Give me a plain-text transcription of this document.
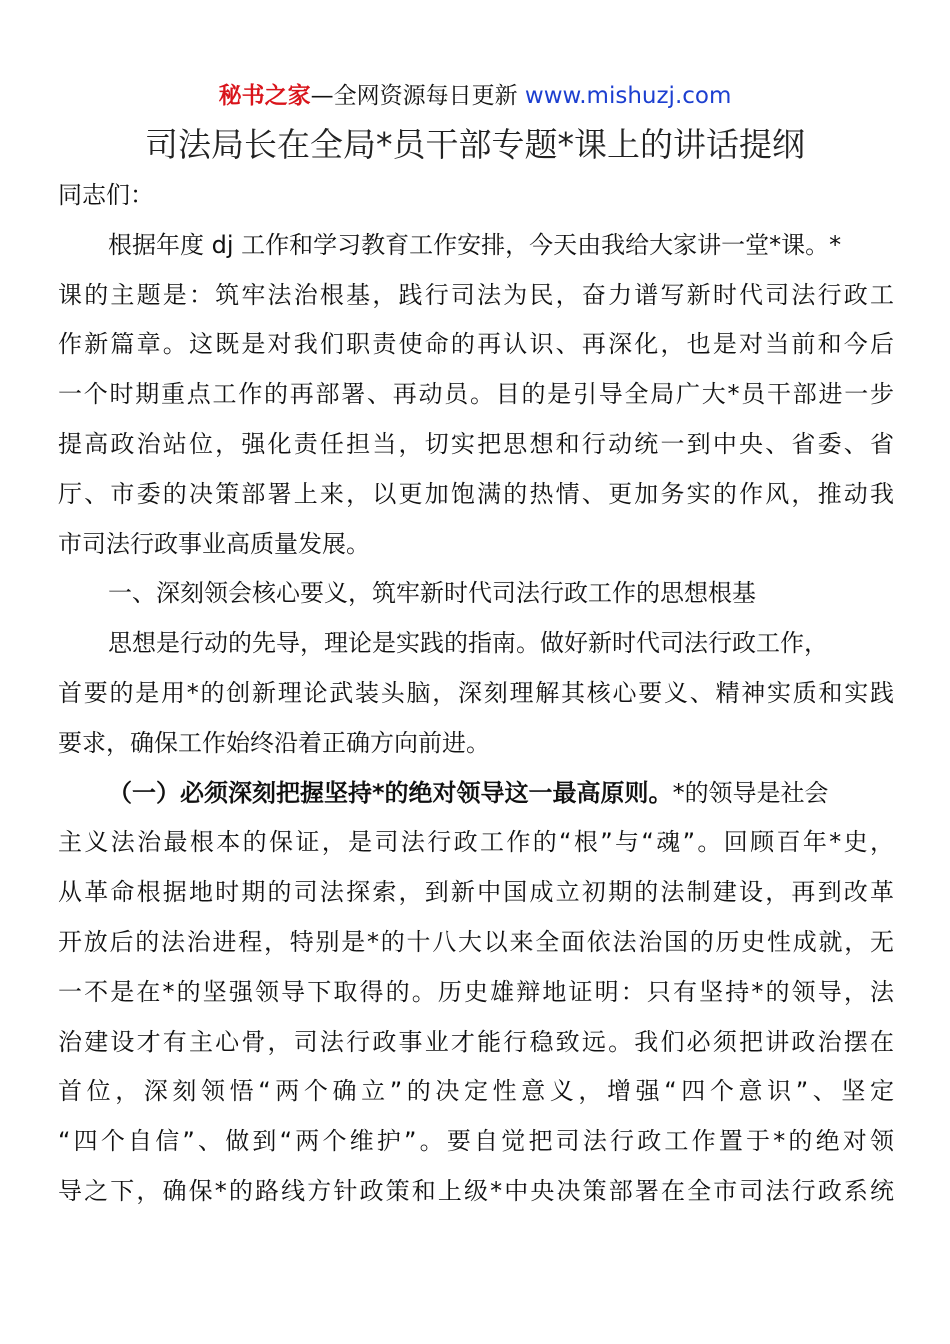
秘书之家—全网资源每日更新 www.mishuzj.com
司法局长在全局*员干部专题*课上的讲话提纲
同志们：
根据年度 dj 工作和学习教育工作安排，今天由我给大家讲一堂*课。*
课的主题是：筑牢法治根基，践行司法为民，奋力谱写新时代司法行政工
作新篇章。这既是对我们职责使命的再认识、再深化，也是对当前和今后
一个时期重点工作的再部署、再动员。目的是引导全局广大*员干部进一步
提高政治站位，强化责任担当，切实把思想和行动统一到中央、省委、省
厅、市委的决策部署上来，以更加饱满的热情、更加务实的作风，推动我
市司法行政事业高质量发展。
一、深刻领会核心要义，筑牢新时代司法行政工作的思想根基
思想是行动的先导，理论是实践的指南。做好新时代司法行政工作，
首要的是用*的创新理论武装头脑，深刻理解其核心要义、精神实质和实践
要求，确保工作始终沿着正确方向前进。
（一）必须深刻把握坚持*的绝对领导这一最高原则。*的领导是社会
主义法治最根本的保证，是司法行政工作的“根”与“魂”。回顾百年*史，
从革命根据地时期的司法探索，到新中国成立初期的法制建设，再到改革
开放后的法治进程，特别是*的十八大以来全面依法治国的历史性成就，无
一不是在*的坚强领导下取得的。历史雄辩地证明：只有坚持*的领导，法
治建设才有主心骨，司法行政事业才能行稳致远。我们必须把讲政治摆在
首位，深刻领悟“两个确立”的决定性意义，增强“四个意识”、坚定
“四个自信”、做到“两个维护”。要自觉把司法行政工作置于*的绝对领
导之下，确保*的路线方针政策和上级*中央决策部署在全市司法行政系统
